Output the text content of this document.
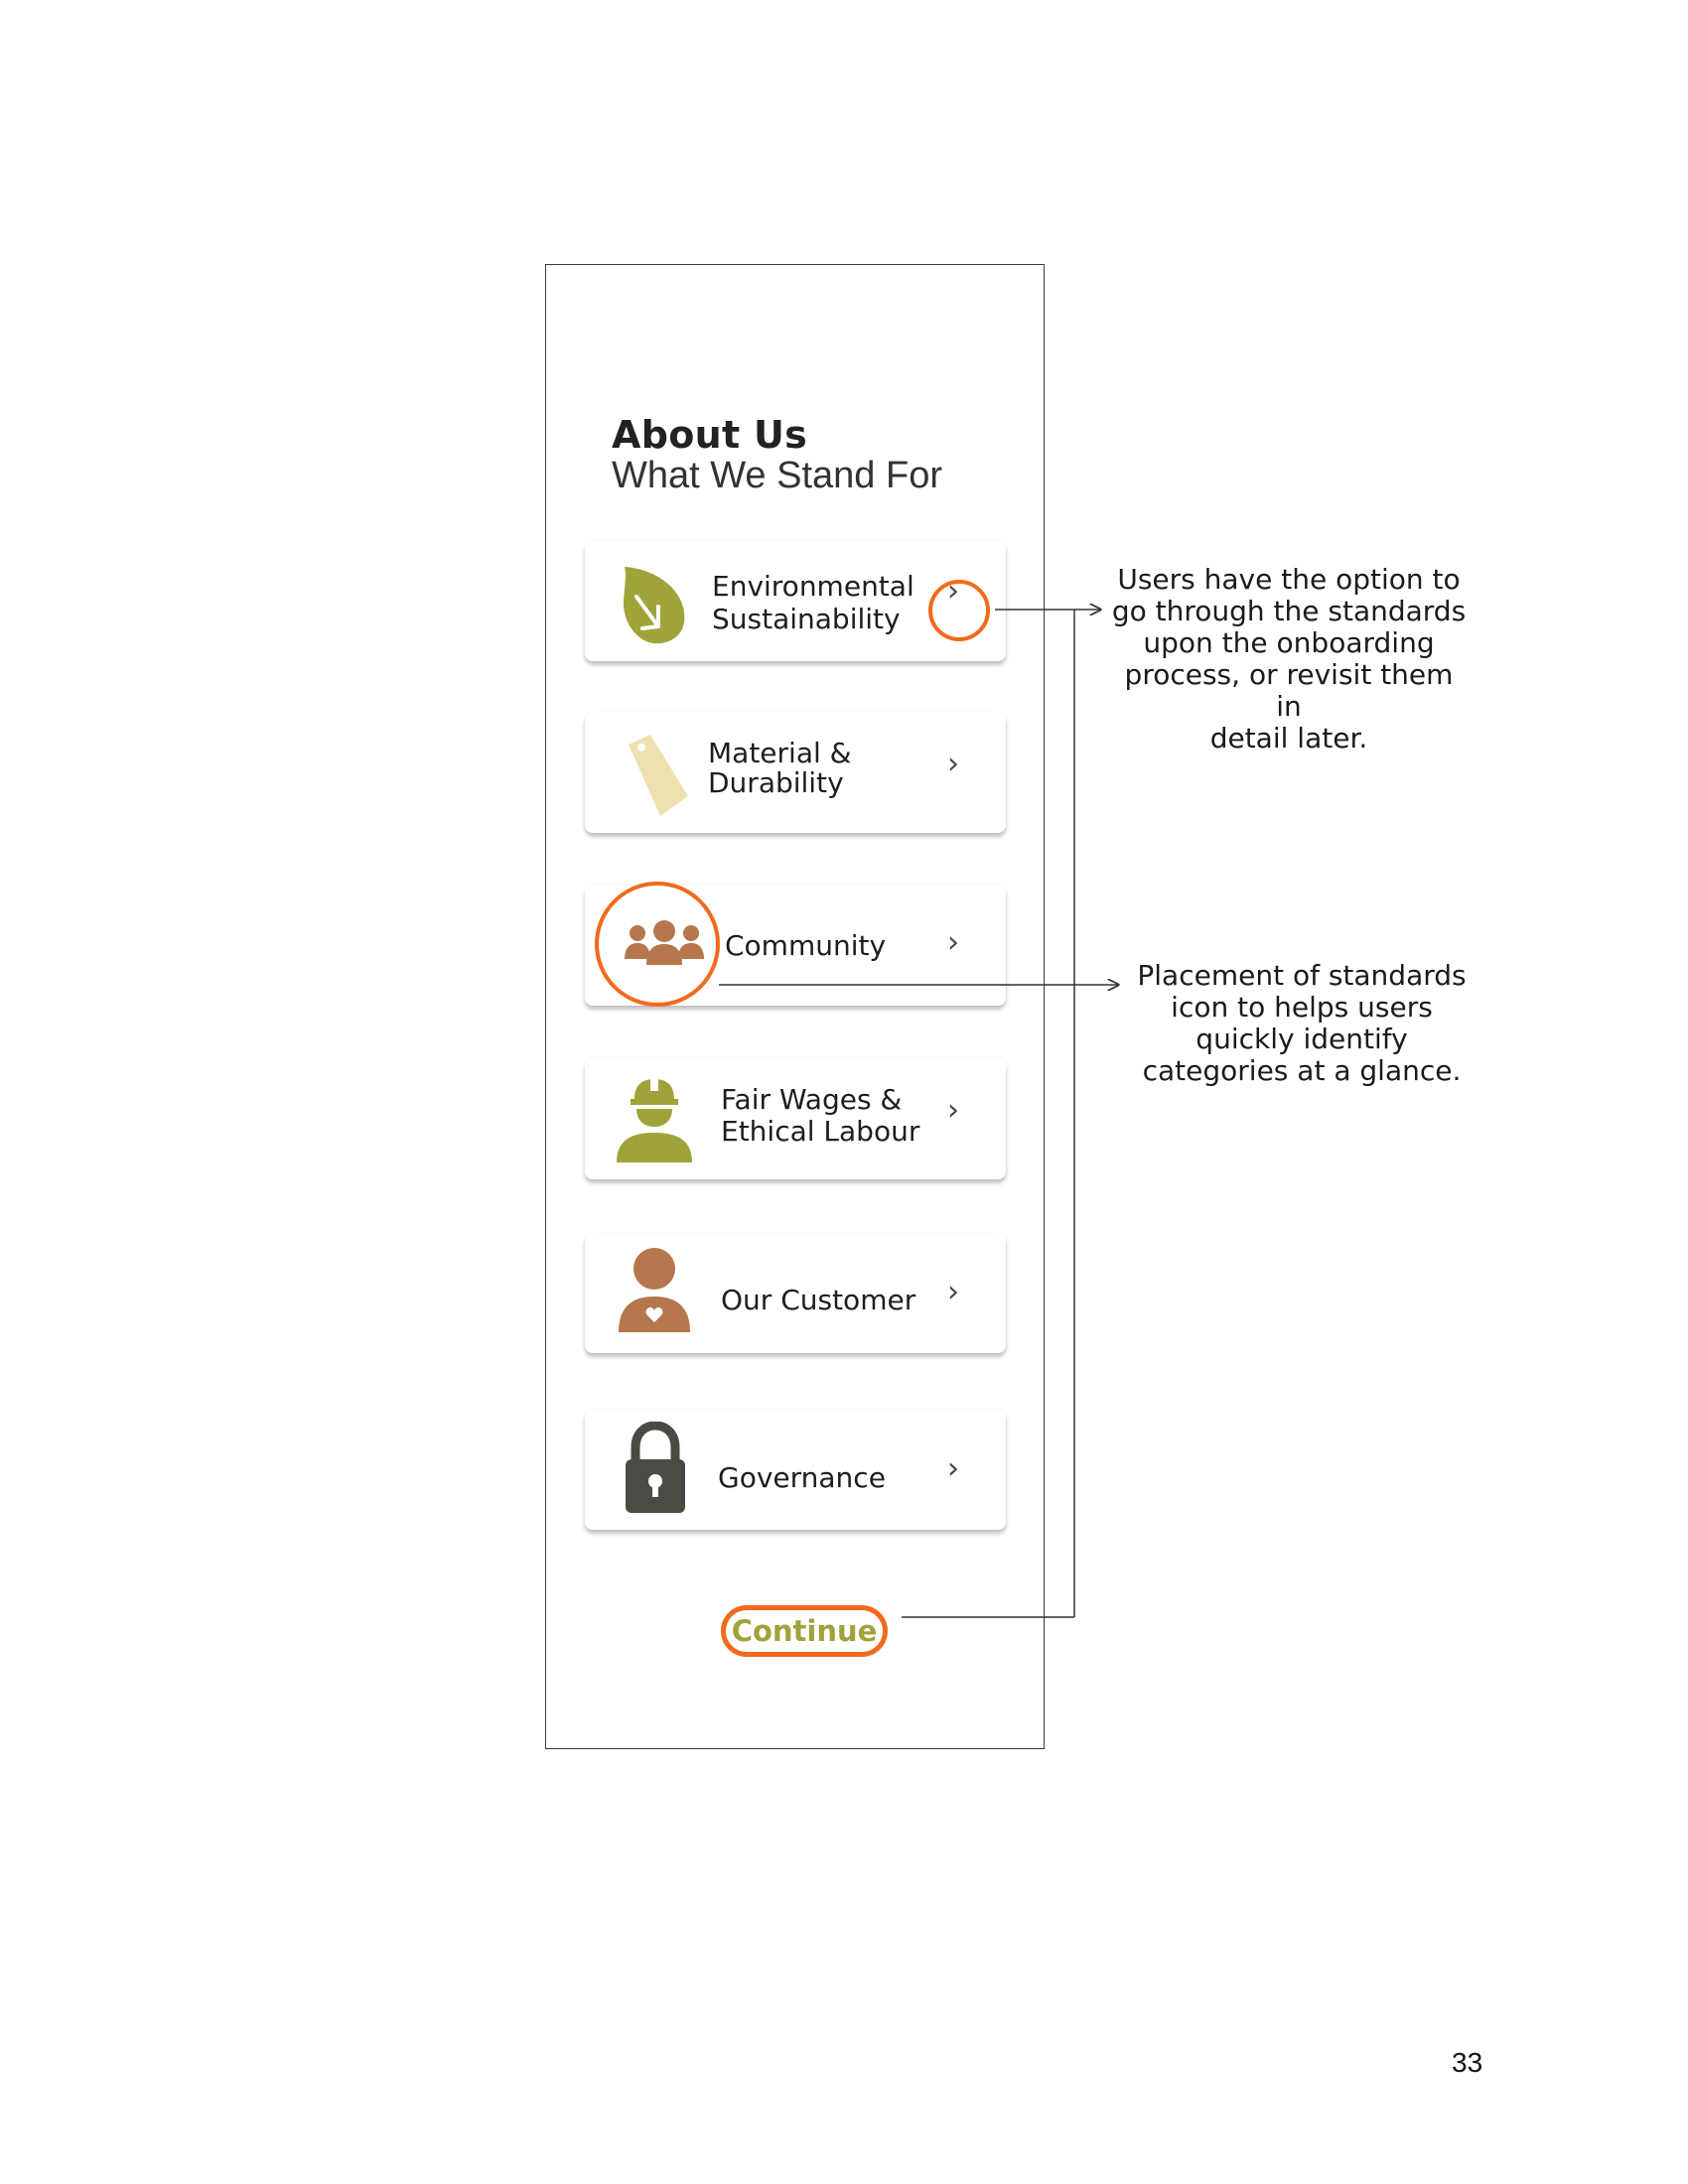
About Us
What We Stand For
Environmental
Sustainability
›
Material &
Durability
›
Community ›
Fair Wages &
Ethical Labour
›
Our Customer ›
Governance ›
Continue
Users have the option to
go through the standards
upon the onboarding
process, or revisit them in
detail later.
Placement of standards
icon to helps users
quickly identify
categories at a glance.
33
